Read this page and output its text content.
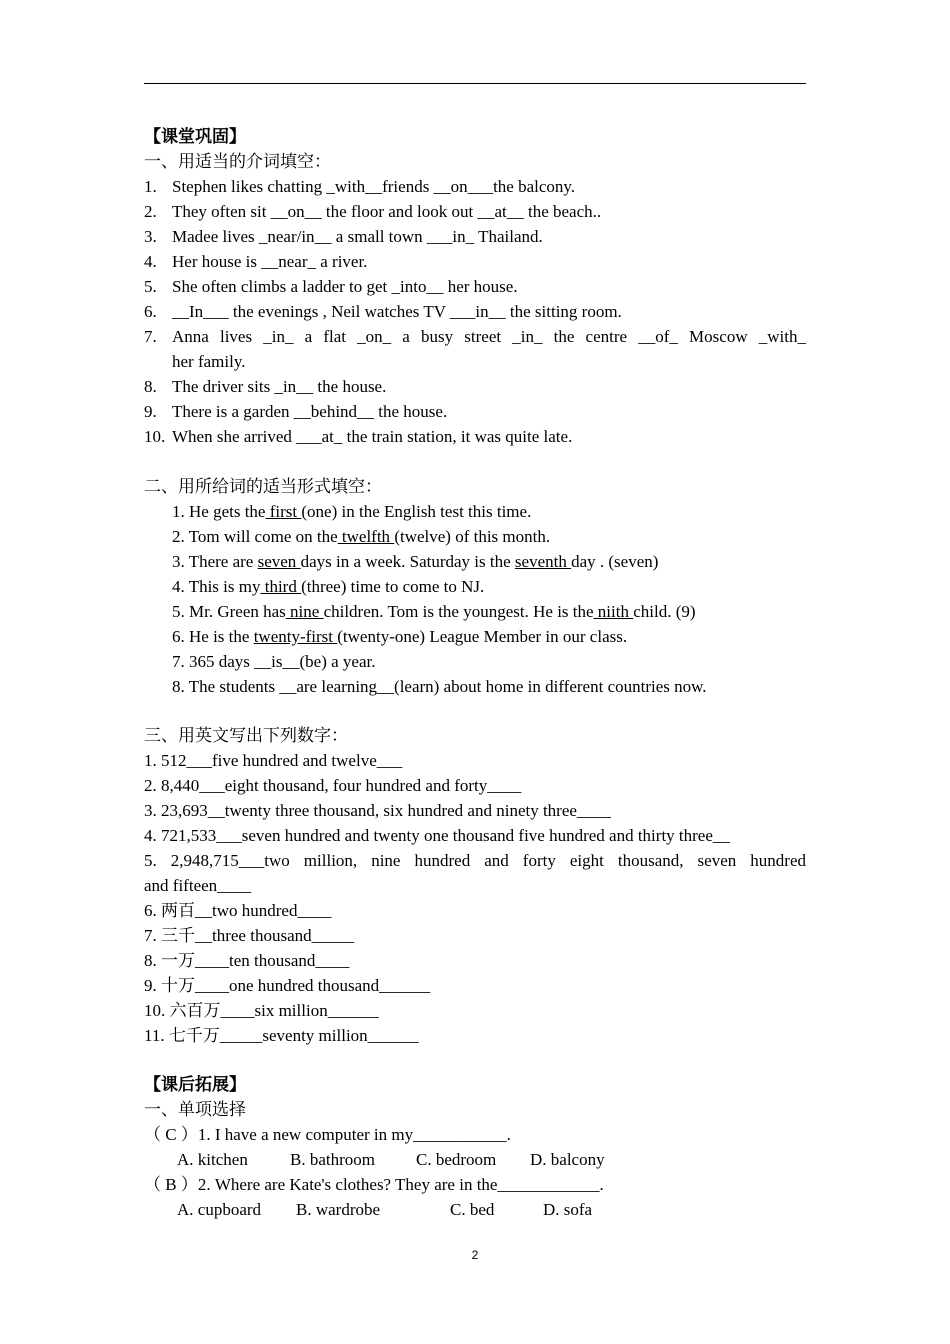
【课堂巩固】
一、用适当的介词填空：
1. Stephen likes chatting _with__friends __on___the balcony.
2. They often sit __on__ the floor and look out __at__ the beach..
3. Madee lives _near/in__ a small town ___in_ Thailand.
4. Her house is __near_ a river.
5. She often climbs a ladder to get _into__ her house.
6. __In___ the evenings , Neil watches TV ___in__ the sitting room.
7. Anna lives _in_ a flat _on_ a busy street _in_ the centre __of_ Moscow _with_
her family.
8. The driver sits _in__ the house.
9. There is a garden __behind__ the house.
10. When she arrived ___at_ the train station, it was quite late.
二、用所给词的适当形式填空：
1. He gets the first (one) in the English test this time.
2. Tom will come on the twelfth (twelve) of this month.
3. There are seven days in a week. Saturday is the seventh day . (seven)
4. This is my third (three) time to come to NJ.
5. Mr. Green has nine children. Tom is the youngest. He is the niith child. (9)
6. He is the twenty-first (twenty-one) League Member in our class.
7. 365 days __is__(be) a year.
8. The students __are learning__(learn) about home in different countries now.
三、用英文写出下列数字：
1. 512___five hundred and twelve___
2. 8,440___eight thousand, four hundred and forty____
3. 23,693__twenty three thousand, six hundred and ninety three____
4. 721,533___seven hundred and twenty one thousand five hundred and thirty three__
5. 2,948,715___two million, nine hundred and forty eight thousand, seven hundred
and fifteen____
6. 两百__two hundred____
7. 三千__three thousand_____
8. 一万____ten thousand____
9. 十万____one hundred thousand______
10. 六百万____six million______
11. 七千万_____seventy million______
【课后拓展】
一、单项选择
（ C ）1. I have a new computer in my___________.
A. kitchen B. bathroom C. bedroom D. balcony
（ B ）2. Where are Kate's clothes? They are in the____________.
A. cupboard B. wardrobe	C. bed	D. sofa
2
